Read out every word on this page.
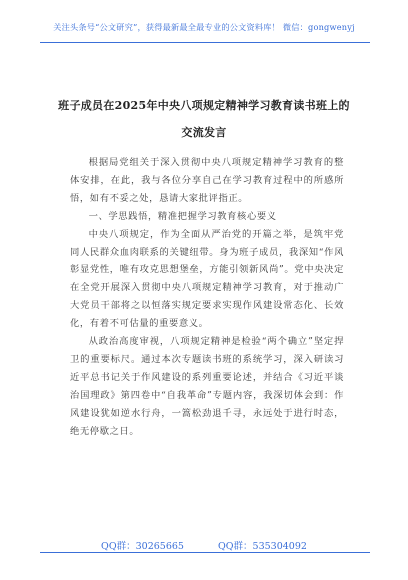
关注头条号“公文研究”，获得最新最全最专业的公文资料库！ 微信：gongwenyj
班子成员在2025年中央八项规定精神学习教育读书班上的
交流发言

根据局党组关于深入贯彻中央八项规定精神学习教育的整体安排，在此，我与各位分享自己在学习教育过程中的所感所悟，如有不妥之处，恳请大家批评指正。

一、学思践悟，精准把握学习教育核心要义

中央八项规定，作为全面从严治党的开篇之举，是筑牢党同人民群众血肉联系的关键纽带。身为班子成员，我深知“作风彰显党性，唯有攻克思想堡垒，方能引领新风尚”。党中央决定在全党开展深入贯彻中央八项规定精神学习教育，对于推动广大党员干部将之以恒落实规定要求实现作风建设常态化、长效化，有着不可估量的重要意义。

从政治高度审视，八项规定精神是检验“两个确立”坚定捍卫的重要标尺。通过本次专题读书班的系统学习，深入研读习近平总书记关于作风建设的系列重要论述，并结合《习近平谈治国理政》第四卷中“自我革命”专题内容，我深切体会到：作风建设犹如逆水行舟，一篙松劲退千寻，永远处于进行时态，绝无停歇之日。

QQ群：30265665	QQ群：535304092
